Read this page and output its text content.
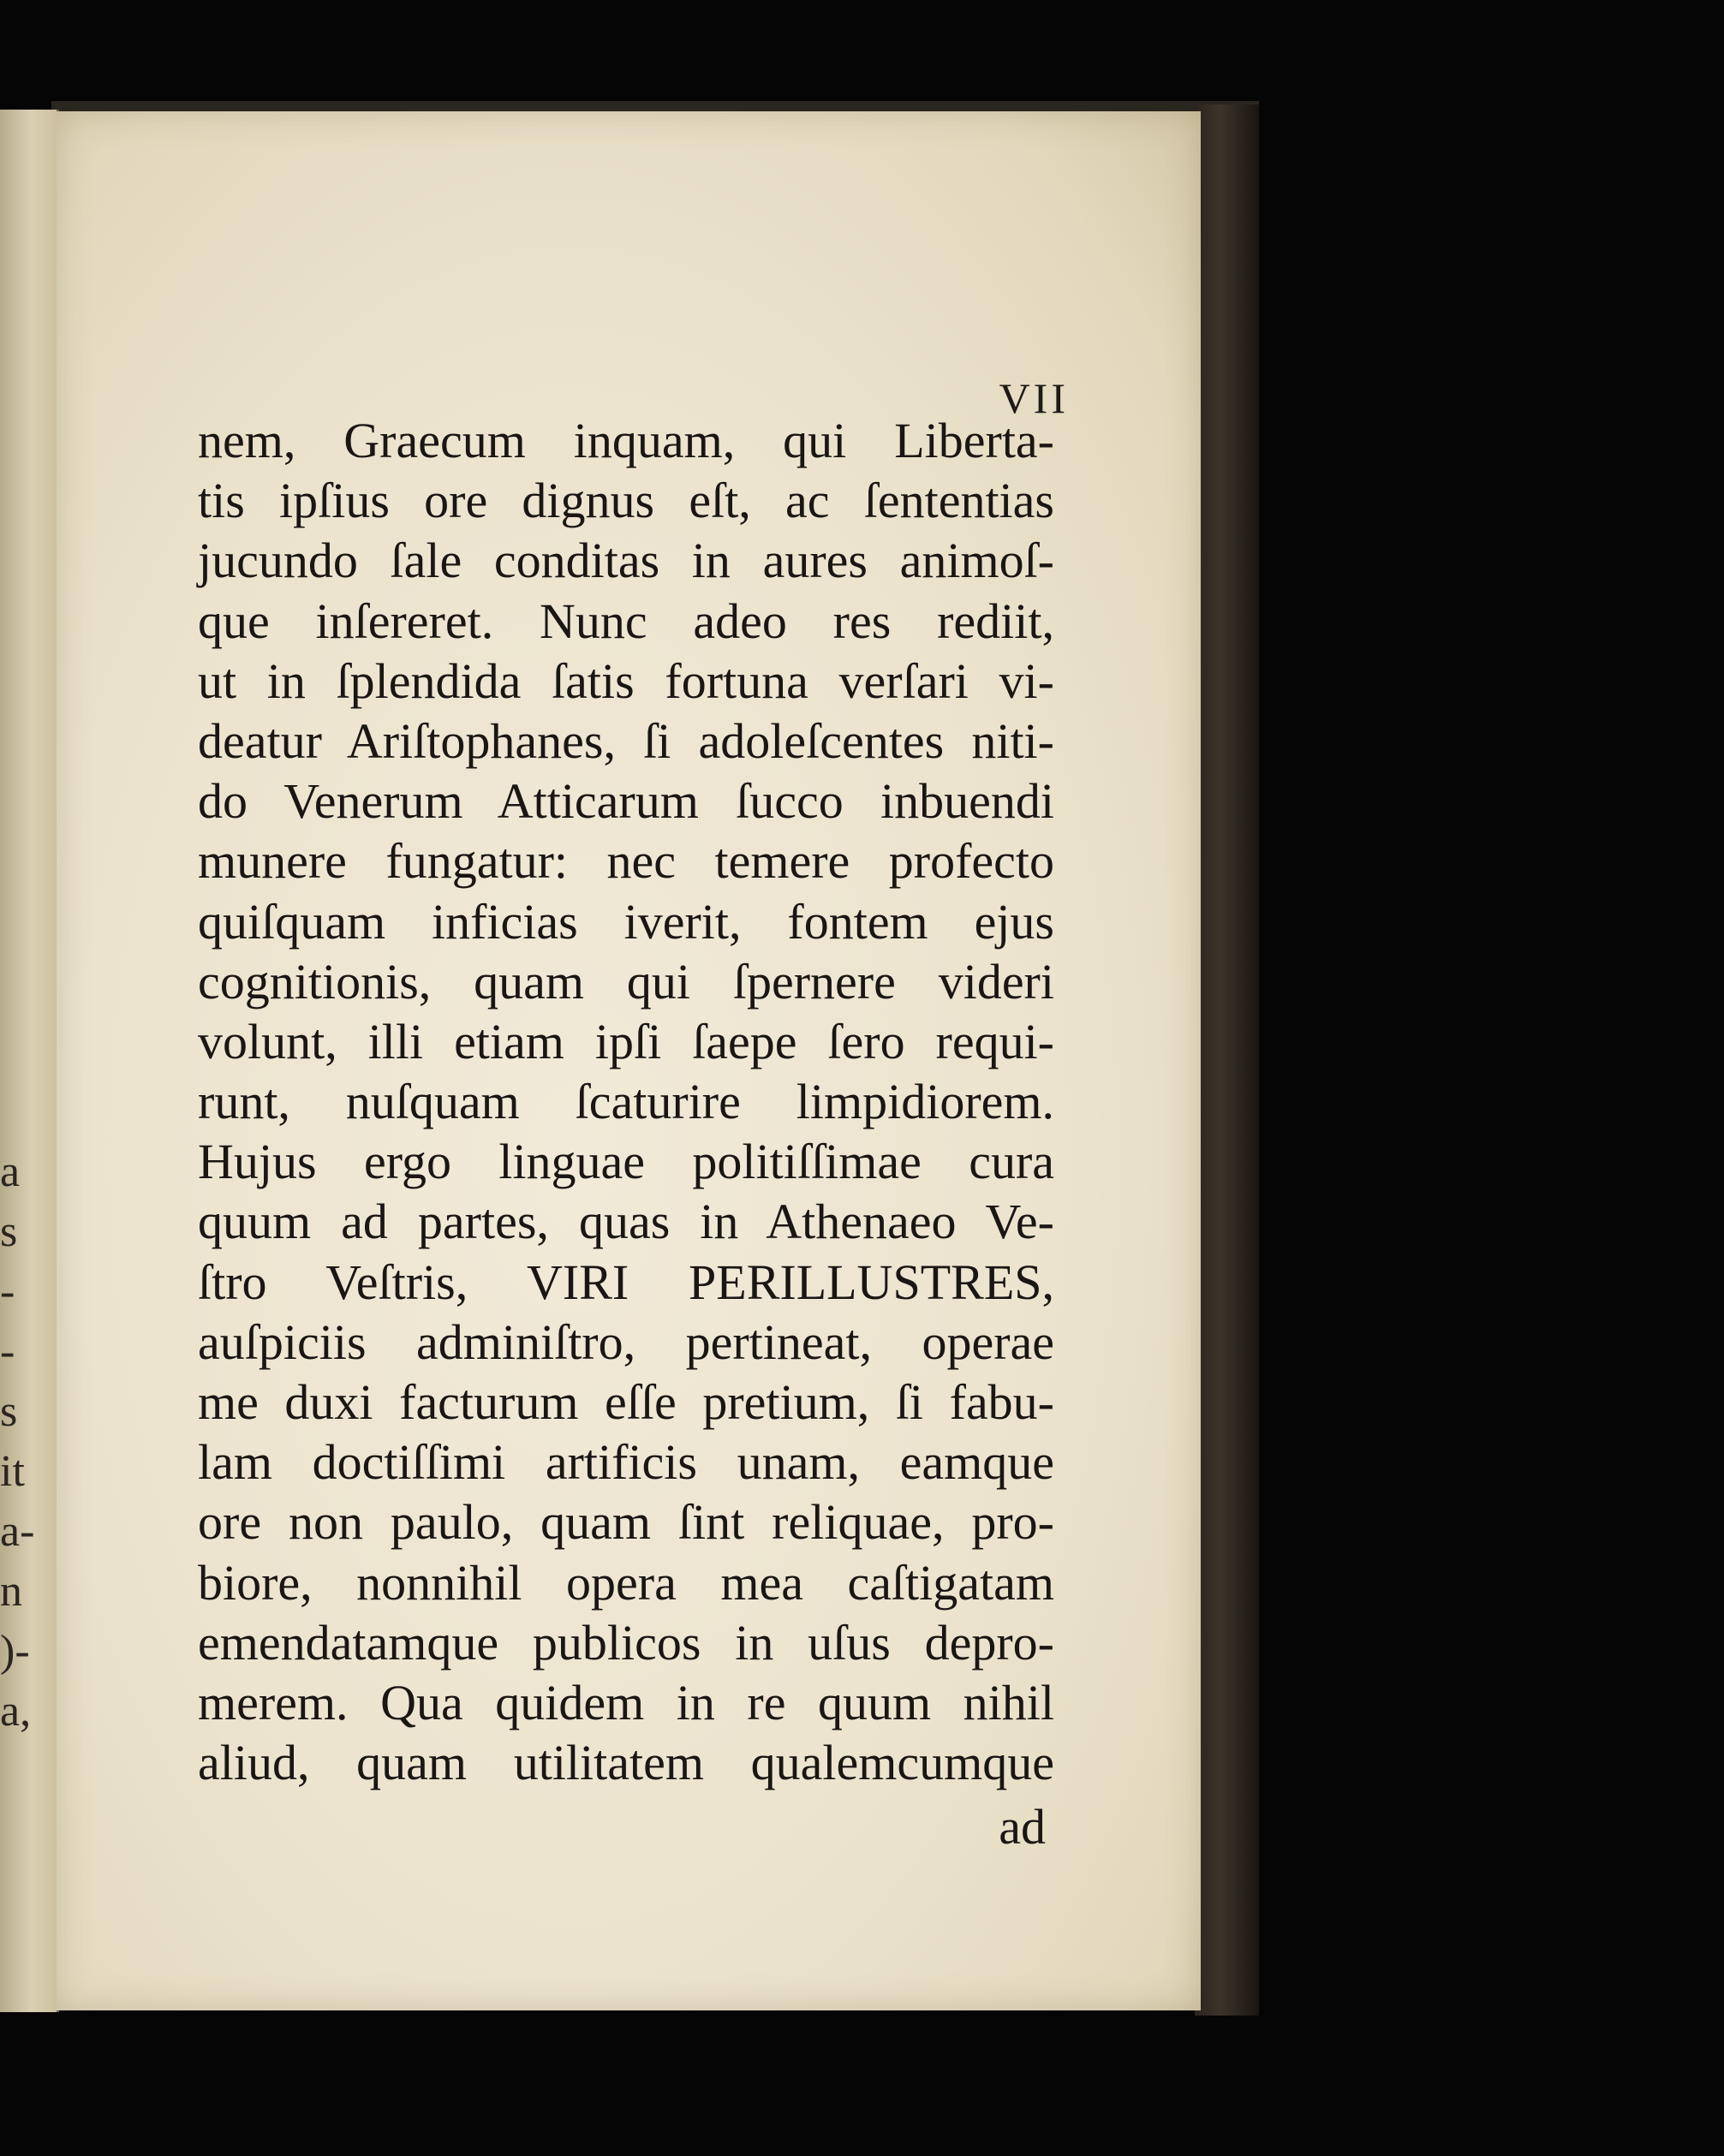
a
s
-
-
s
it
a-
n
)-
a,
VII
nem, Graecum inquam, qui Liberta-
tis ipſius ore dignus eſt, ac ſententias
jucundo ſale conditas in aures animoſ-
que inſereret. Nunc adeo res rediit,
ut in ſplendida ſatis fortuna verſari vi-
deatur Ariſtophanes, ſi adoleſcentes niti-
do Venerum Atticarum ſucco inbuendi
munere fungatur: nec temere profecto
quiſquam inficias iverit, fontem ejus
cognitionis, quam qui ſpernere videri
volunt, illi etiam ipſi ſaepe ſero requi-
runt, nuſquam ſcaturire limpidiorem.
Hujus ergo linguae politiſſimae cura
quum ad partes, quas in Athenaeo Ve-
ſtro Veſtris, VIRI PERILLUSTRES,
auſpiciis adminiſtro, pertineat, operae
me duxi facturum eſſe pretium, ſi fabu-
lam doctiſſimi artificis unam, eamque
ore non paulo, quam ſint reliquae, pro-
biore, nonnihil opera mea caſtigatam
emendatamque publicos in uſus depro-
merem. Qua quidem in re quum nihil
aliud, quam utilitatem qualemcumque
ad
